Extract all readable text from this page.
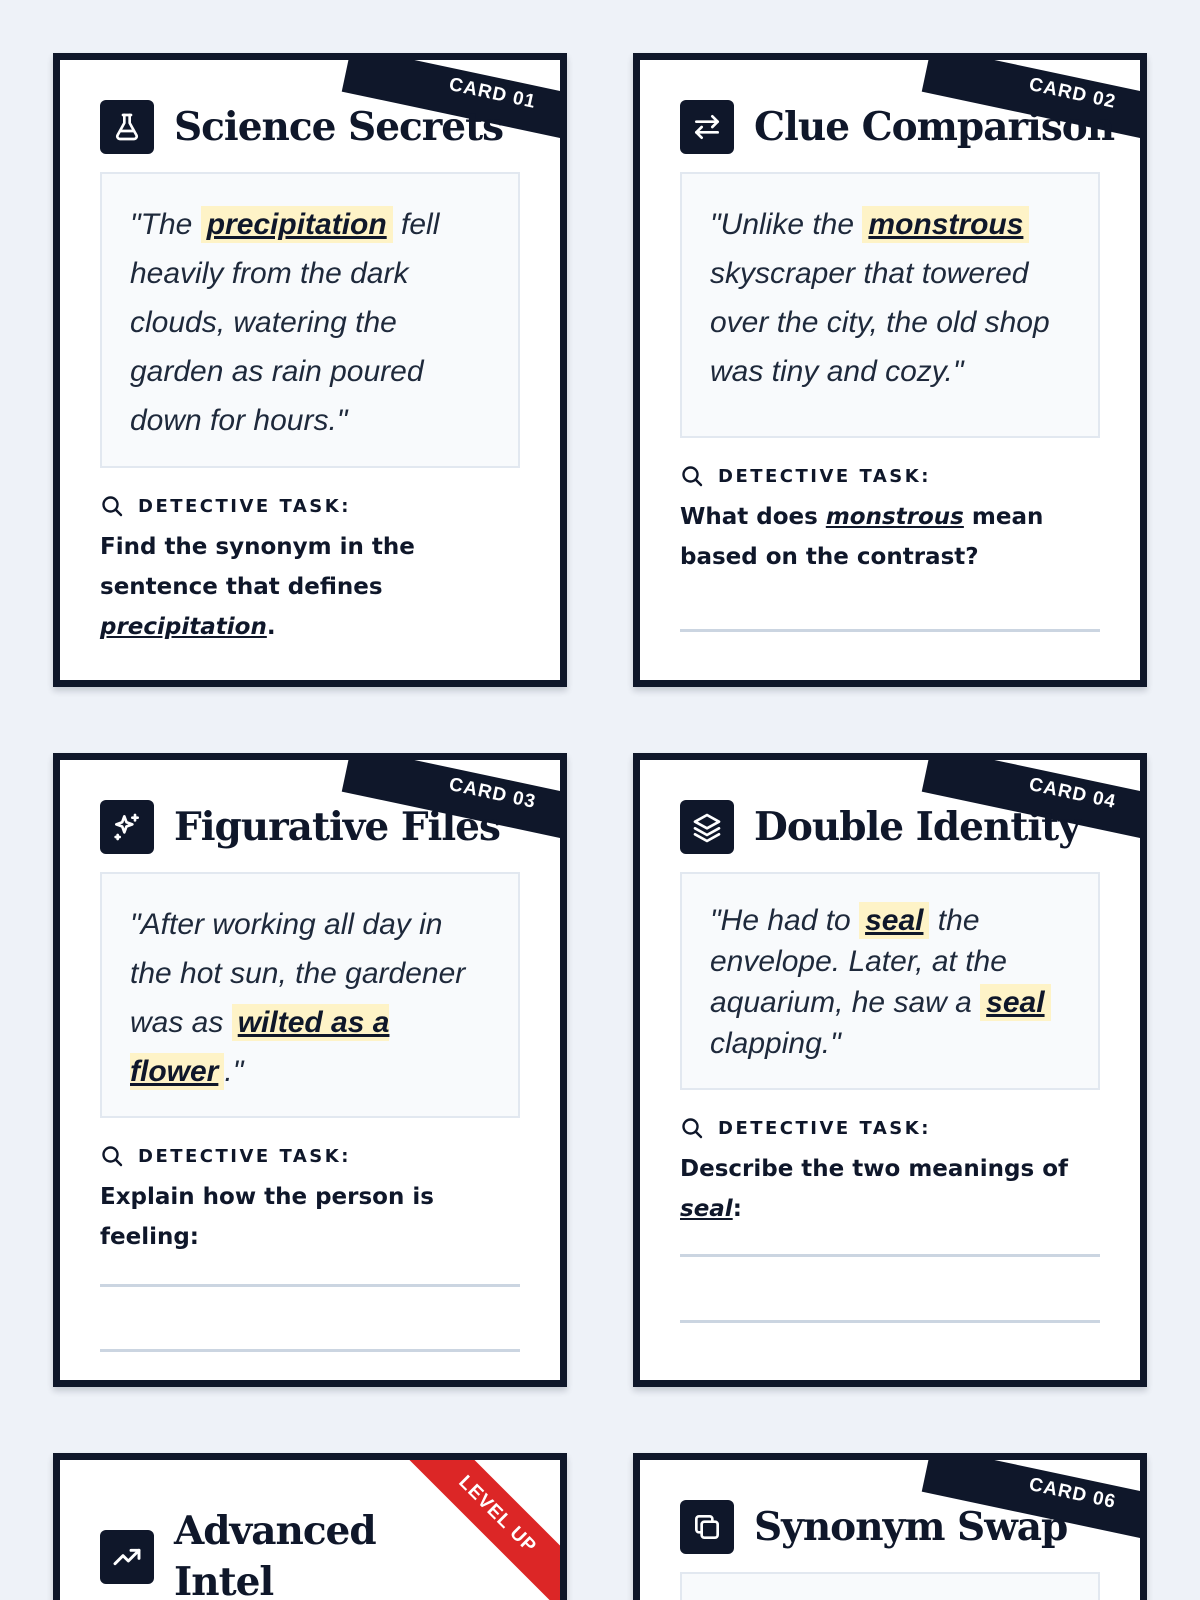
CARD 01
Science Secrets
"The precipitation fell heavily from the dark clouds, watering the garden as rain poured down for hours."
DETECTIVE TASK:
Find the synonym in the sentence that defines precipitation.
CARD 02
Clue Comparison
"Unlike the monstrous skyscraper that towered over the city, the old shop was tiny and cozy."
DETECTIVE TASK:
What does monstrous mean based on the contrast?
CARD 03
Figurative Files
"After working all day in the hot sun, the gardener was as wilted as a flower ."
DETECTIVE TASK:
Explain how the person is feeling:
CARD 04
Double Identity
"He had to seal the envelope. Later, at the aquarium, he saw a seal clapping."
DETECTIVE TASK:
Describe the two meanings of seal:
LEVEL UP
Advanced
Intel
CARD 06
Synonym Swap
